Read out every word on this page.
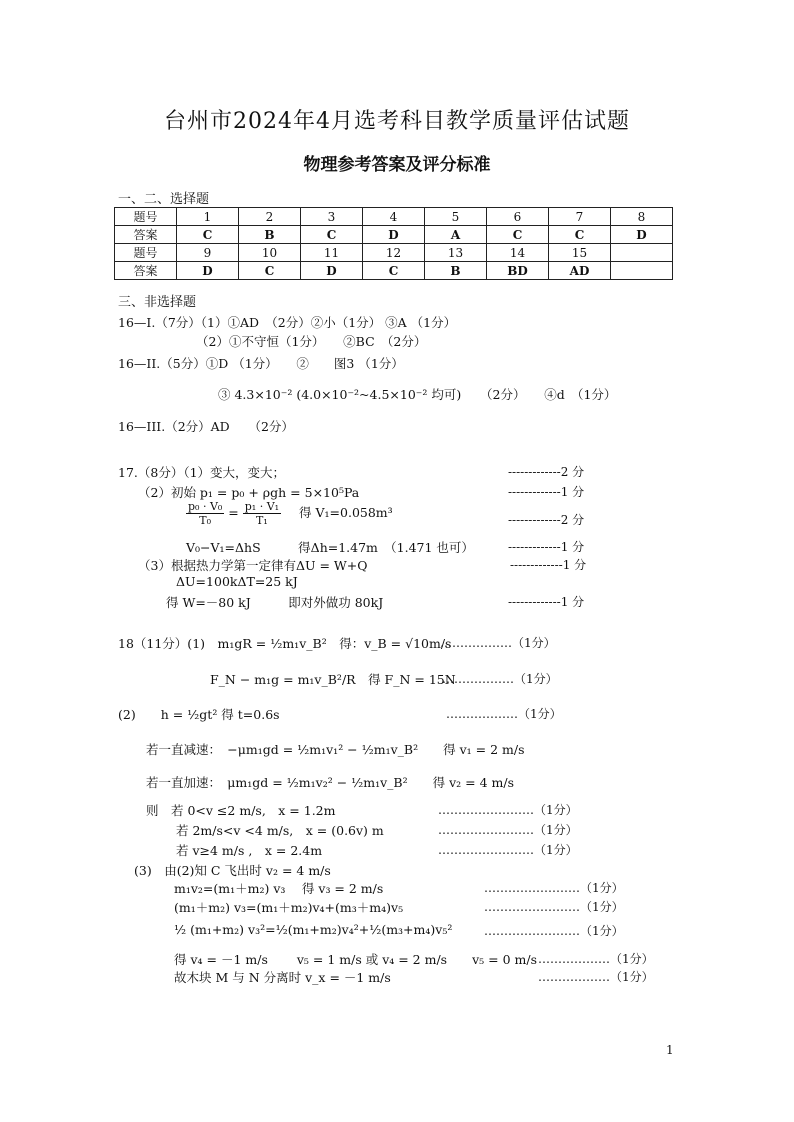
台州市2024年4月选考科目教学质量评估试题
物理参考答案及评分标准
一、二、选择题
题号	1	2	3	4	5	6	7	8
答案	C	B	C	D	A	C	C	D
题号	9	10	11	12	13	14	15	
答案	D	C	D	C	B	BD	AD	
三、非选择题
16—I.（7分）（1）①AD　（2分）②小（1分） ③A （1分）
（2）①不守恒（1分）　　②BC　（2分）
16—II.（5分）①D （1分）　　②　　图3 （1分）
③ 4.3×10⁻² (4.0×10⁻²~4.5×10⁻² 均可)　　（2分）　　④d　（1分）
16—III.（2分）AD　　（2分）
17.（8分）（1）变大，变大；	-------------2 分
（2）初始 p₁ = p₀ + ρgh = 5×10⁵Pa	-------------1 分
$\frac{\text{p₀ · V₀}}{\text{T₀}} = \frac{\text{p₁ · V₁}}{\text{T₁}}$ 得 V₁=0.058m³	-------------2 分
V₀−V₁=ΔhS　　　得Δh=1.47m　（1.471 也可）	-------------1 分
（3）根据热力学第一定律有ΔU = W+Q	-------------1 分
ΔU=100kΔT=25 kJ
得 W=－80 kJ　　　即对外做功 80kJ	-------------1 分
18（11分）(1)　m₁gR = ½m₁v_B²　得：v_B = √10m/s
………………（1分）
F_N − m₁g = m₁v_B²/R　得 F_N = 15N
………………（1分）
(2)　　h = ½gt² 得 t=0.6s	………………（1分）
若一直减速：　−μm₁gd = ½m₁v₁² − ½m₁v_B²　　得 v₁ = 2 m/s
若一直加速：　μm₁gd = ½m₁v₂² − ½m₁v_B²　　得 v₂ = 4 m/s
则　若 0<v ≤2 m/s,　x = 1.2m	……………………（1分）
若 2m/s<v <4 m/s,　x = (0.6v) m	……………………（1分）
若 v≥4 m/s ,　x = 2.4m	……………………（1分）
(3)　由(2)知 C 飞出时 v₂ = 4 m/s
m₁v₂=(m₁＋m₂) v₃　 得 v₃ = 2 m/s	……………………（1分）
(m₁＋m₂) v₃=(m₁＋m₂)v₄+(m₃＋m₄)v₅	……………………（1分）
½ (m₁+m₂) v₃²=½(m₁+m₂)v₄²+½(m₃+m₄)v₅²	……………………（1分）
得 v₄ = －1 m/s　　 v₅ = 1 m/s 或 v₄ = 2 m/s　　v₅ = 0 m/s ………………（1分）
故木块 M 与 N 分离时 v_x = －1 m/s	………………（1分）
1
